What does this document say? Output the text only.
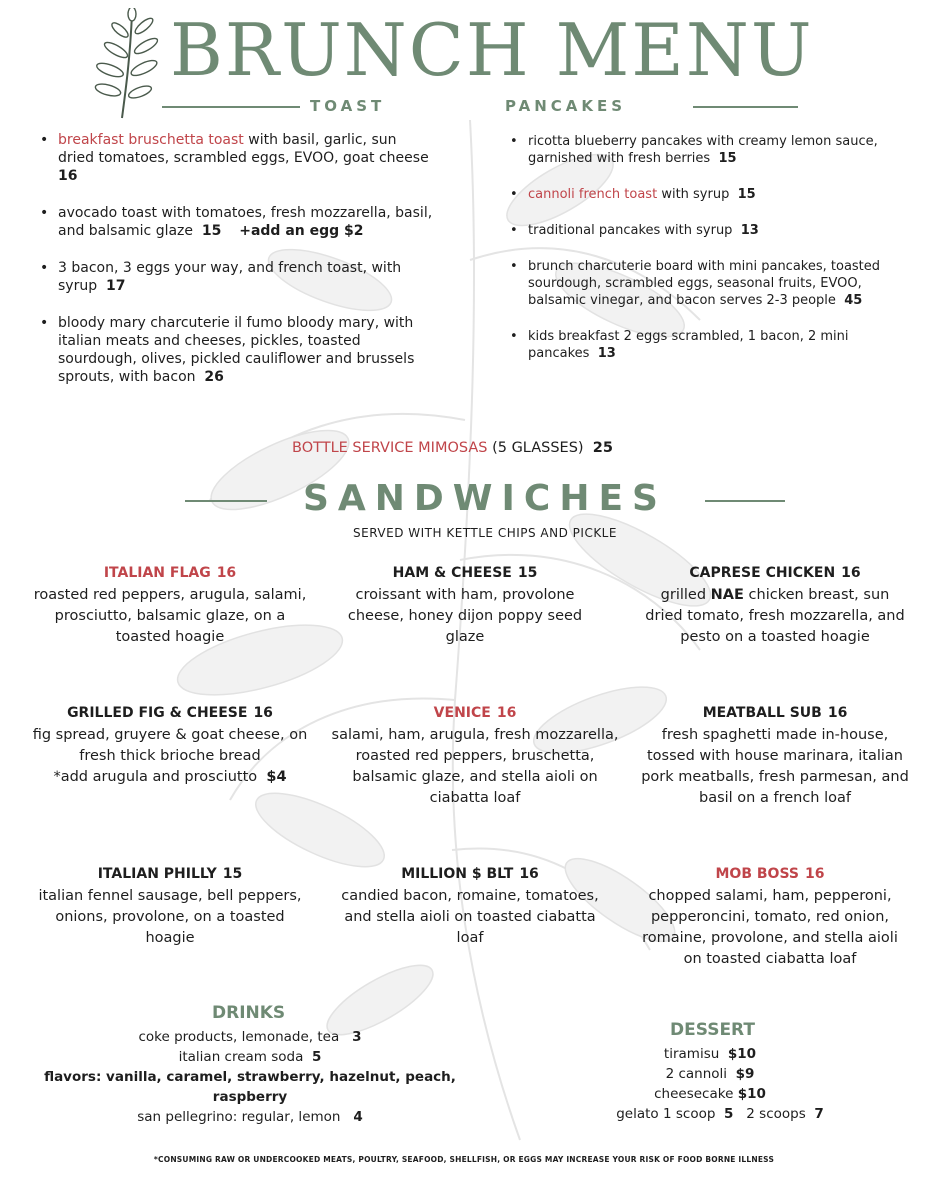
BRUNCH MENU
TOAST	PANCAKES
• breakfast bruschetta toast with basil, garlic, sun dried tomatoes, scrambled eggs, EVOO, goat cheese  16
• avocado toast with tomatoes, fresh mozzarella, basil, and balsamic glaze 15 +add an egg $2
• 3 bacon, 3 eggs your way, and french toast, with syrup 17
• bloody mary charcuterie il fumo bloody mary, with italian meats and cheeses, pickles, toasted sourdough, olives, pickled cauliflower and brussels sprouts, with bacon 26
• ricotta blueberry pancakes with creamy lemon sauce, garnished with fresh berries 15
• cannoli french toast with syrup 15
• traditional pancakes with syrup 13
• brunch charcuterie board with mini pancakes, toasted sourdough, scrambled eggs, seasonal fruits, EVOO, balsamic vinegar, and bacon serves 2-3 people 45
• kids breakfast 2 eggs scrambled, 1 bacon, 2 mini pancakes 13
BOTTLE SERVICE MIMOSAS (5 GLASSES) 25
SANDWICHES
SERVED WITH KETTLE CHIPS AND PICKLE
ITALIAN FLAG 16
roasted red peppers, arugula, salami, prosciutto, balsamic glaze, on a toasted hoagie
HAM & CHEESE 15
croissant with ham, provolone cheese, honey dijon poppy seed glaze
CAPRESE CHICKEN 16
grilled NAE chicken breast, sun dried tomato, fresh mozzarella, and pesto on a toasted hoagie
GRILLED FIG & CHEESE 16
fig spread, gruyere & goat cheese, on fresh thick brioche bread
*add arugula and prosciutto $4
VENICE 16
salami, ham, arugula, fresh mozzarella, roasted red peppers, bruschetta, balsamic glaze, and stella aioli on ciabatta loaf
MEATBALL SUB 16
fresh spaghetti made in-house, tossed with house marinara, italian pork meatballs, fresh parmesan, and basil on a french loaf
ITALIAN PHILLY 15
italian fennel sausage, bell peppers, onions, provolone, on a toasted hoagie
MILLION $ BLT 16
candied bacon, romaine, tomatoes, and stella aioli on toasted ciabatta loaf
MOB BOSS 16
chopped salami, ham, pepperoni, pepperoncini, tomato, red onion, romaine, provolone, and stella aioli on toasted ciabatta loaf
DRINKS
coke products, lemonade, tea 3
italian cream soda 5
flavors: vanilla, caramel, strawberry, hazelnut, peach,
raspberry
san pellegrino: regular, lemon 4
DESSERT
tiramisu $10
2 cannoli $9
cheesecake $10
gelato 1 scoop 5 2 scoops 7
*CONSUMING RAW OR UNDERCOOKED MEATS, POULTRY, SEAFOOD, SHELLFISH, OR EGGS MAY INCREASE YOUR RISK OF FOOD BORNE ILLNESS
